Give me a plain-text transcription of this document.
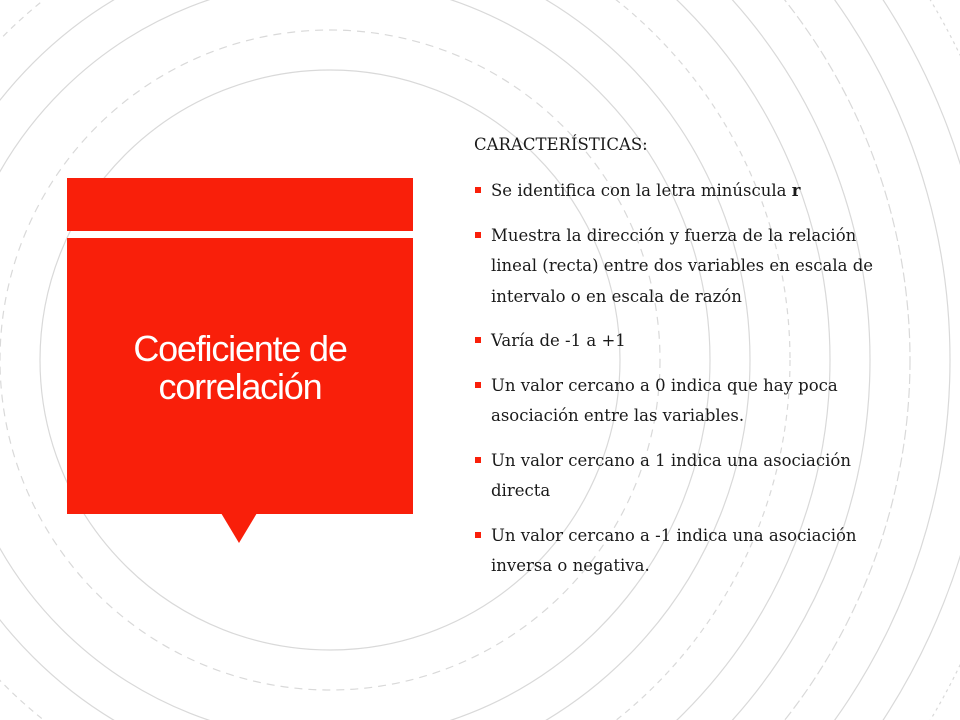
Coeficiente de correlación

CARACTERÍSTICAS:

Se identifica con la letra minúscula r
Muestra la dirección y fuerza de la relación lineal (recta) entre dos variables en escala de intervalo o en escala de razón
Varía de -1 a +1
Un valor cercano a 0 indica que hay poca asociación entre las variables.
Un valor cercano a 1 indica una asociación directa
Un valor cercano a -1 indica una asociación inversa o negativa.
